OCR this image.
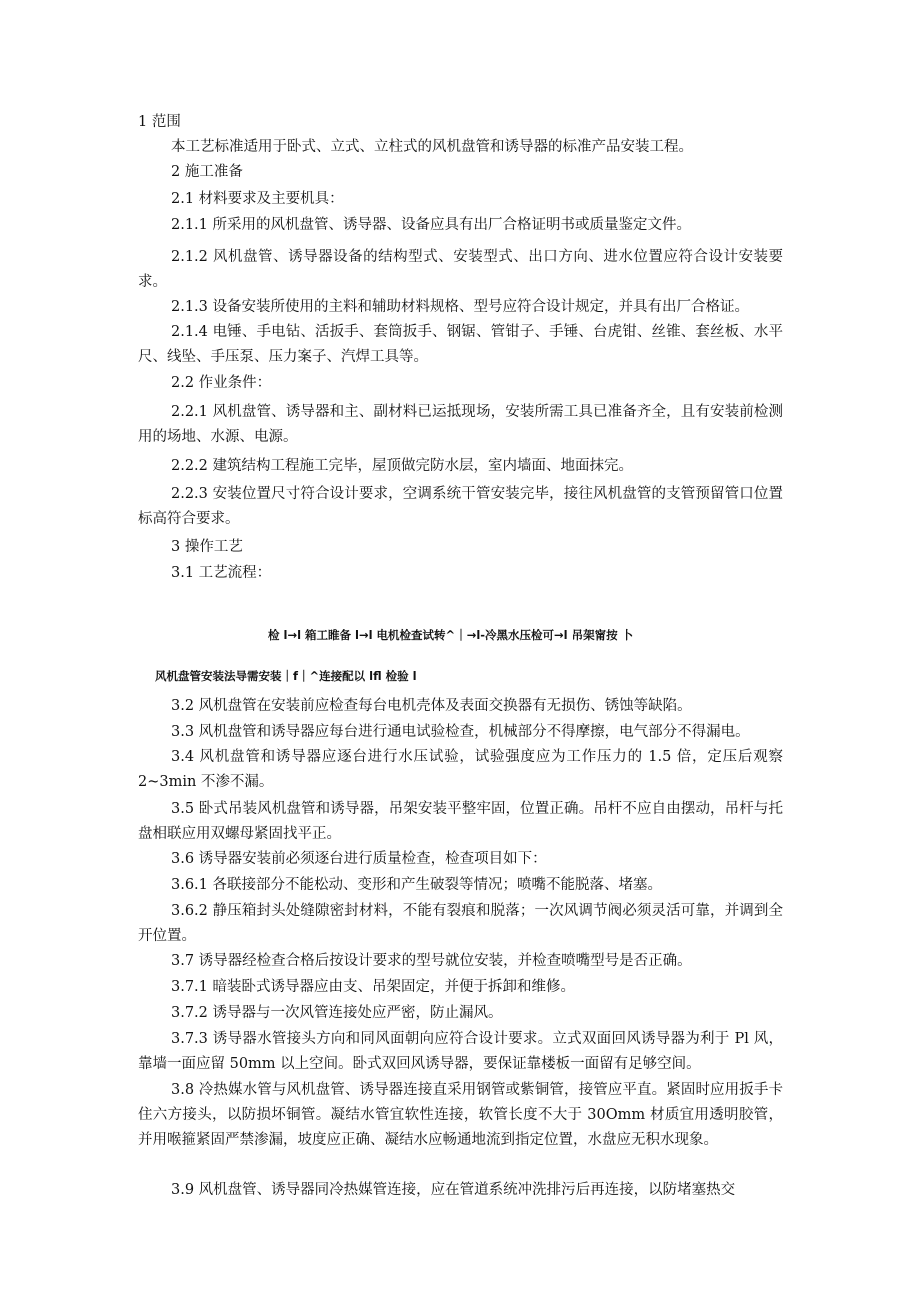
1 范围
本工艺标准适用于卧式、立式、立柱式的风机盘管和诱导器的标准产品安装工程。
2 施工准备
2.1 材料要求及主要机具：
2.1.1 所采用的风机盘管、诱导器、设备应具有出厂合格证明书或质量鉴定文件。
2.1.2 风机盘管、诱导器设备的结构型式、安装型式、出口方向、进水位置应符合设计安装要求。
2.1.3 设备安装所使用的主料和辅助材料规格、型号应符合设计规定，并具有出厂合格证。
2.1.4 电锤、手电钻、活扳手、套筒扳手、钢锯、管钳子、手锤、台虎钳、丝锥、套丝板、水平尺、线坠、手压泵、压力案子、汽焊工具等。
2.2 作业条件：
2.2.1 风机盘管、诱导器和主、副材料已运抵现场，安装所需工具已准备齐全，且有安装前检测用的场地、水源、电源。
2.2.2 建筑结构工程施工完毕，屋顶做完防水层，室内墙面、地面抹完。
2.2.3 安装位置尺寸符合设计要求，空调系统干管安装完毕，接往风机盘管的支管预留管口位置标高符合要求。
3 操作工艺
3.1 工艺流程：
检 l→l 箱工睢备 l→l 电机检查试转^｜→l-冷黑水压检可→l 吊架甯按 卜
风机盘管安装法导需安装｜f｜^连接配以 lfl 检验 l
3.2 风机盘管在安装前应检查每台电机壳体及表面交换器有无损伤、锈蚀等缺陷。
3.3 风机盘管和诱导器应每台进行通电试验检查，机械部分不得摩擦，电气部分不得漏电。
3.4 风机盘管和诱导器应逐台进行水压试验，试验强度应为工作压力的 1.5 倍，定压后观察 2~3min 不渗不漏。
3.5 卧式吊装风机盘管和诱导器，吊架安装平整牢固，位置正确。吊杆不应自由摆动，吊杆与托盘相联应用双螺母紧固找平正。
3.6 诱导器安装前必须逐台进行质量检查，检查项目如下：
3.6.1 各联接部分不能松动、变形和产生破裂等情况；喷嘴不能脱落、堵塞。
3.6.2 静压箱封头处缝隙密封材料，不能有裂痕和脱落；一次风调节阀必须灵活可靠，并调到全开位置。
3.7 诱导器经检查合格后按设计要求的型号就位安装，并检查喷嘴型号是否正确。
3.7.1 暗装卧式诱导器应由支、吊架固定，并便于拆卸和维修。
3.7.2 诱导器与一次风管连接处应严密，防止漏风。
3.7.3 诱导器水管接头方向和同风面朝向应符合设计要求。立式双面回风诱导器为利于 Pl 风，靠墙一面应留 50mm 以上空间。卧式双回风诱导器，要保证靠楼板一面留有足够空间。
3.8 冷热媒水管与风机盘管、诱导器连接直采用钢管或紫铜管，接管应平直。紧固时应用扳手卡住六方接头，以防损坏铜管。凝结水管宜软性连接，软管长度不大于 30Omm 材质宜用透明胶管，并用喉箍紧固严禁渗漏，坡度应正确、凝结水应畅通地流到指定位置，水盘应无积水现象。
3.9 风机盘管、诱导器同冷热媒管连接，应在管道系统冲洗排污后再连接，以防堵塞热交
